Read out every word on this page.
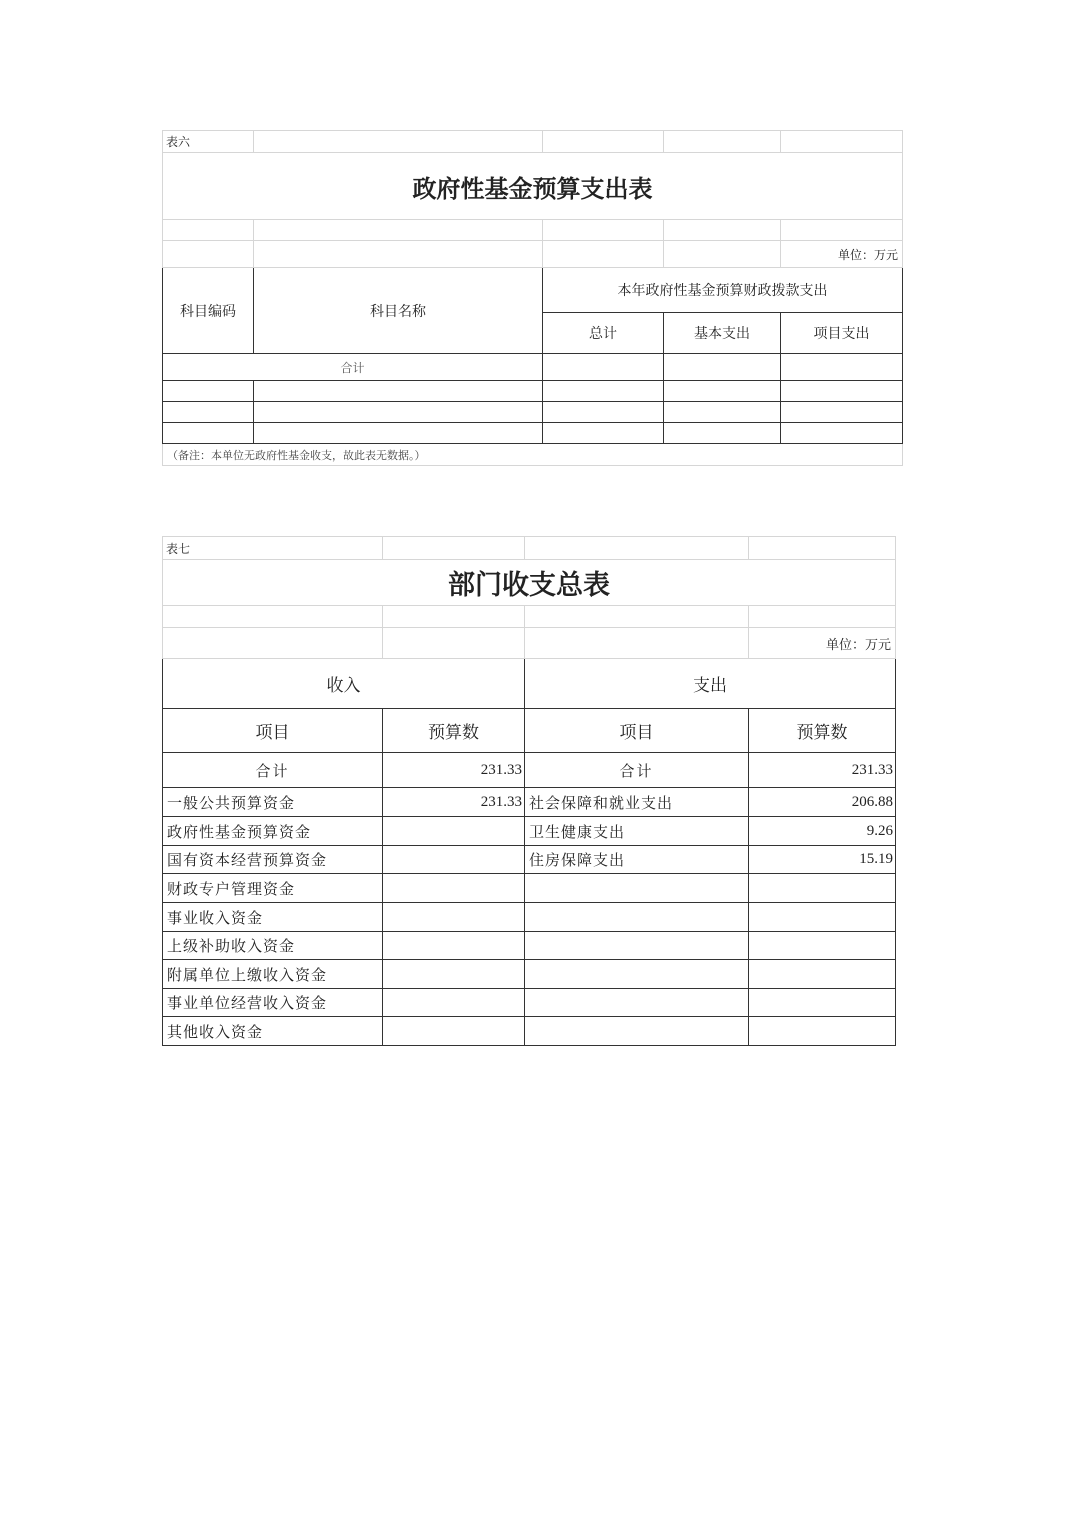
表六				
政府性基金预算支出表				

				单位：万元
科目编码	科目名称	本年政府性基金预算财政拨款支出		
		总计	基本支出	项目支出
合计				

（备注：本单位无政府性基金收支，故此表无数据。）				
表七			
部门收支总表			

			单位：万元
收入		支出	
项目	预算数	项目	预算数
合计	231.33	合计	231.33
一般公共预算资金	231.33	社会保障和就业支出	206.88
政府性基金预算资金		卫生健康支出	9.26
国有资本经营预算资金		住房保障支出	15.19
财政专户管理资金			
事业收入资金			
上级补助收入资金			
附属单位上缴收入资金			
事业单位经营收入资金			
其他收入资金			
